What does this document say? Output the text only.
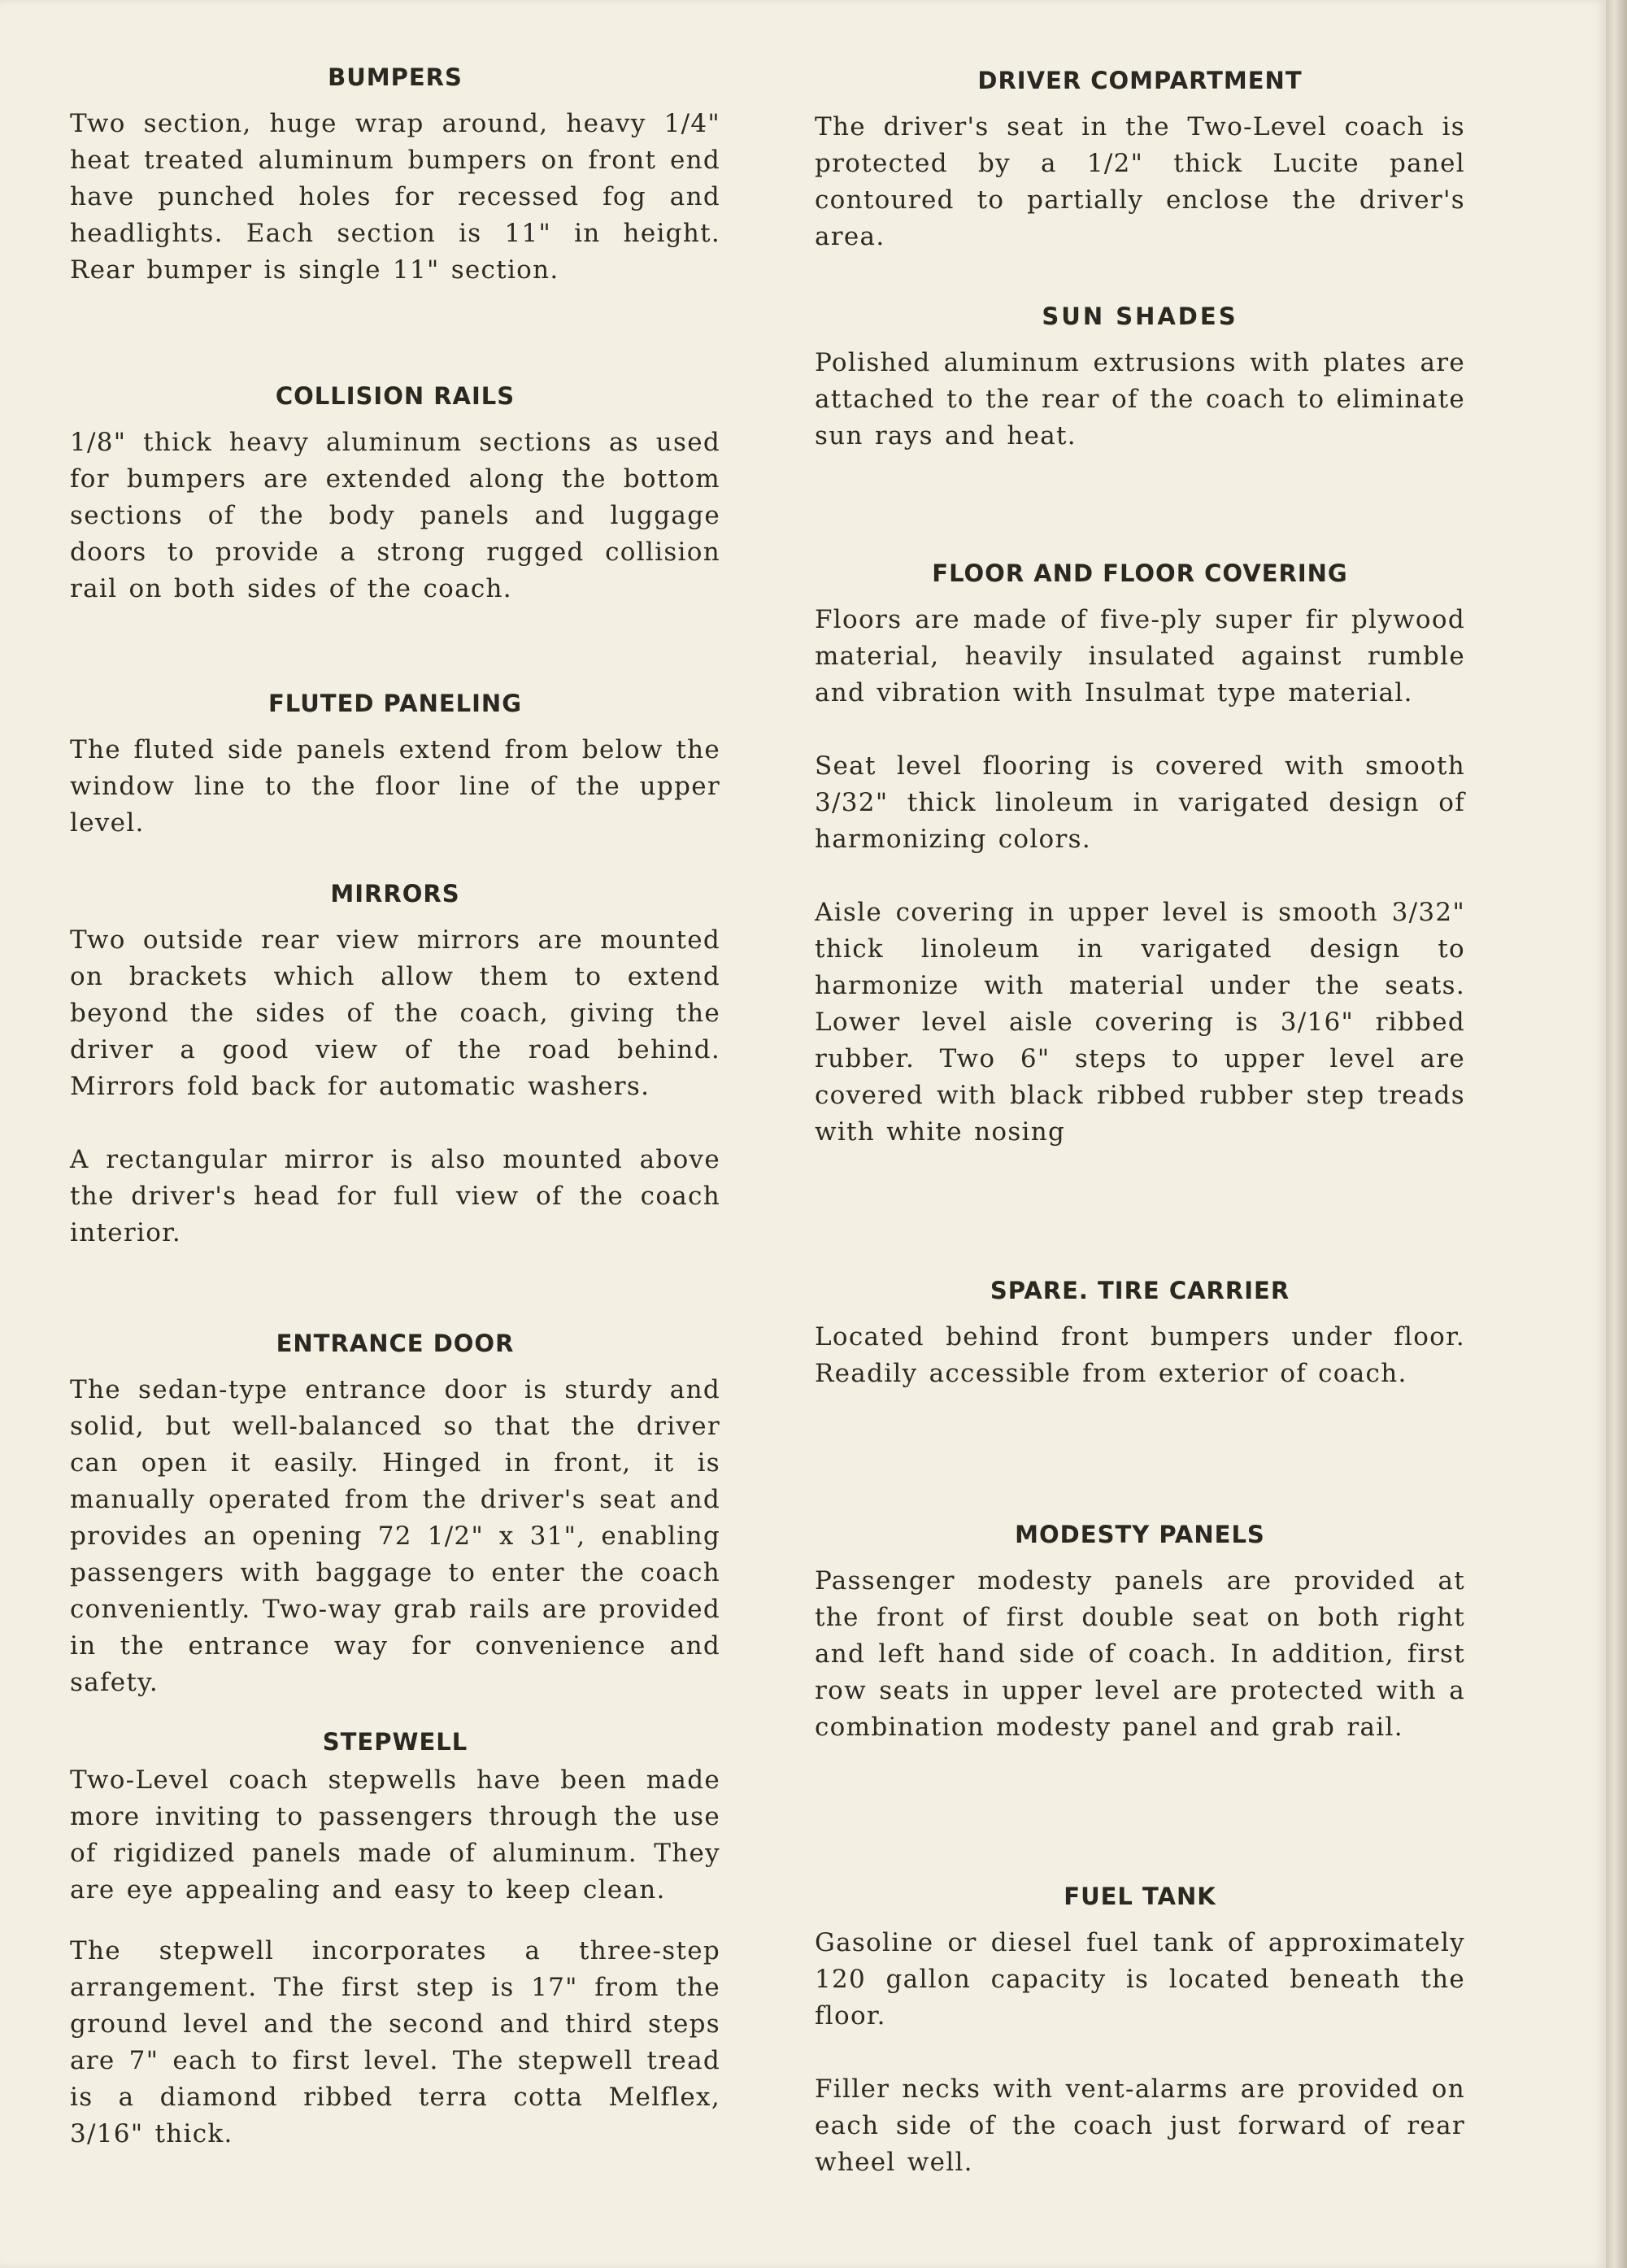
BUMPERS

Two section, huge wrap around, heavy 1/4" heat treated aluminum bumpers on front end have punched holes for recessed fog and headlights. Each section is 11" in height. Rear bumper is single 11" section.

COLLISION RAILS

1/8" thick heavy aluminum sections as used for bumpers are extended along the bottom sections of the body panels and luggage doors to provide a strong rugged collision rail on both sides of the coach.

FLUTED PANELING

The fluted side panels extend from below the window line to the floor line of the upper level.

MIRRORS

Two outside rear view mirrors are mounted on brackets which allow them to extend beyond the sides of the coach, giving the driver a good view of the road behind. Mirrors fold back for automatic washers.

A rectangular mirror is also mounted above the driver's head for full view of the coach interior.

ENTRANCE DOOR

The sedan-type entrance door is sturdy and solid, but well-balanced so that the driver can open it easily. Hinged in front, it is manually operated from the driver's seat and provides an opening 72 1/2" x 31", enabling passengers with baggage to enter the coach conveniently. Two-way grab rails are provided in the entrance way for convenience and safety.

STEPWELL

Two-Level coach stepwells have been made more inviting to passengers through the use of rigidized panels made of aluminum. They are eye appealing and easy to keep clean.

The stepwell incorporates a three-step arrangement. The first step is 17" from the ground level and the second and third steps are 7" each to first level. The stepwell tread is a diamond ribbed terra cotta Melflex, 3/16" thick.

DRIVER COMPARTMENT

The driver's seat in the Two-Level coach is protected by a 1/2" thick Lucite panel contoured to partially enclose the driver's area.

SUN SHADES

Polished aluminum extrusions with plates are attached to the rear of the coach to eliminate sun rays and heat.

FLOOR AND FLOOR COVERING

Floors are made of five-ply super fir plywood material, heavily insulated against rumble and vibration with Insulmat type material.

Seat level flooring is covered with smooth 3/32" thick linoleum in varigated design of harmonizing colors.

Aisle covering in upper level is smooth 3/32" thick linoleum in varigated design to harmonize with material under the seats. Lower level aisle covering is 3/16" ribbed rubber. Two 6" steps to upper level are covered with black ribbed rubber step treads with white nosing

SPARE. TIRE CARRIER

Located behind front bumpers under floor. Readily accessible from exterior of coach.

MODESTY PANELS

Passenger modesty panels are provided at the front of first double seat on both right and left hand side of coach. In addition, first row seats in upper level are protected with a combination modesty panel and grab rail.

FUEL TANK

Gasoline or diesel fuel tank of approximately 120 gallon capacity is located beneath the floor.

Filler necks with vent-alarms are provided on each side of the coach just forward of rear wheel well.
